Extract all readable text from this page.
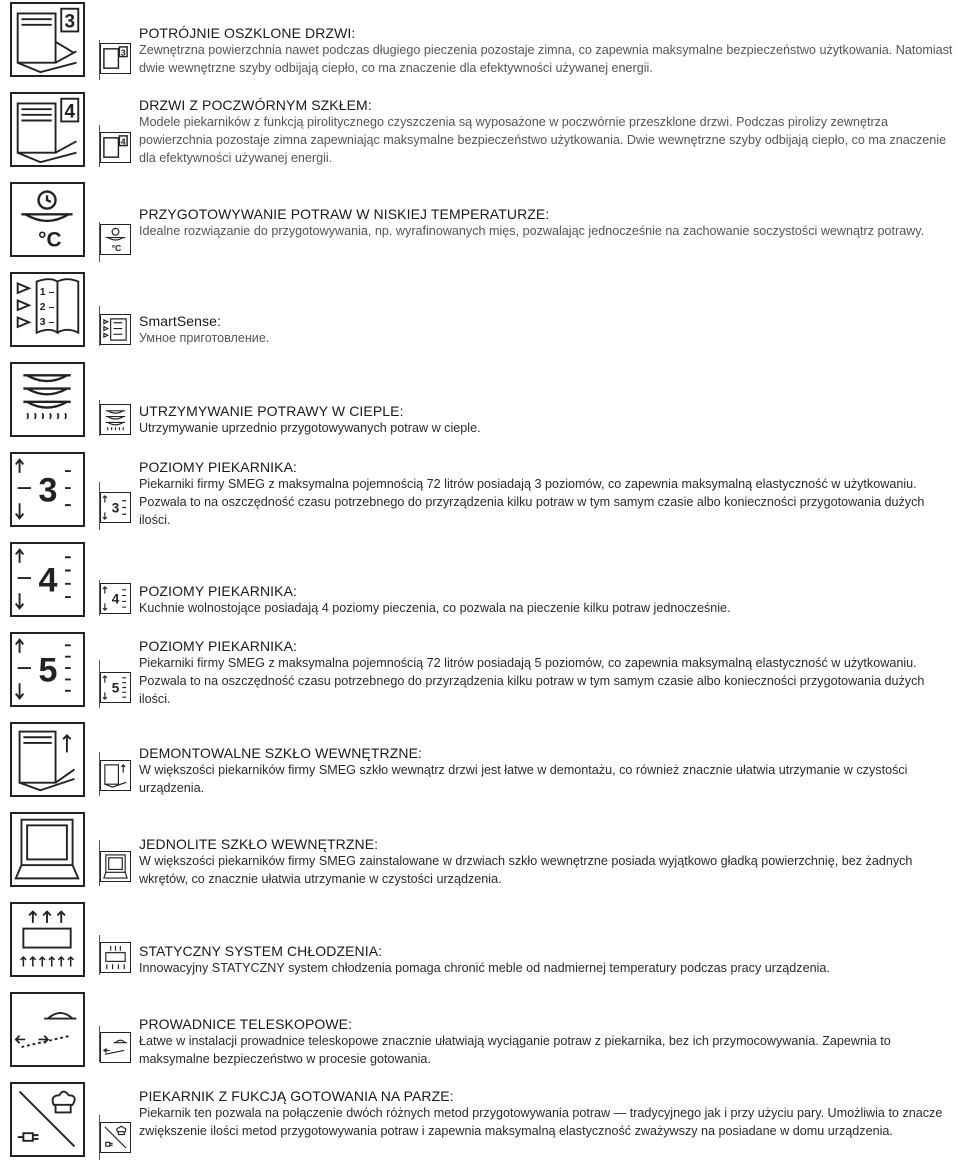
3
3
POTRÓJNIE OSZKLONE DRZWI:
Zewnętrzna powierzchnia nawet podczas długiego pieczenia pozostaje zimna, co zapewnia maksymalne bezpieczeństwo użytkowania. Natomiast dwie wewnętrzne szyby odbijają ciepło, co ma znaczenie dla efektywności używanej energii.
4
4
DRZWI Z POCZWÓRNYM SZKŁEM:
Modele piekarników z funkcją pirolitycznego czyszczenia są wyposażone w poczwórnie przeszklone drzwi. Podczas pirolizy zewnętrza powierzchnia pozostaje zimna zapewniając maksymalne bezpieczeństwo użytkowania. Dwie wewnętrzne szyby odbijają ciepło, co ma znaczenie dla efektywności używanej energii.
°C	°C
PRZYGOTOWYWANIE POTRAW W NISKIEJ TEMPERATURZE:
Idealne rozwiązanie do przygotowywania, np. wyrafinowanych mięs, pozwalając jednocześnie na zachowanie soczystości wewnątrz potrawy.
1 –
2 –
3 –	SmartSense:
Умное приготовление.
UTRZYMYWANIE POTRAWY W CIEPLE:
Utrzymywanie uprzednio przygotowywanych potraw w cieple.
3	3
POZIOMY PIEKARNIKA:
Piekarniki firmy SMEG z maksymalna pojemnością 72 litrów posiadają 3 poziomów, co zapewnia maksymalną elastyczność w użytkowaniu. Pozwala to na oszczędność czasu potrzebnego do przyrządzenia kilku potraw w tym samym czasie albo konieczności przygotowania dużych ilości.
4	4 POZIOMY PIEKARNIKA:
Kuchnie wolnostojące posiadają 4 poziomy pieczenia, co pozwala na pieczenie kilku potraw jednocześnie.
5	5
POZIOMY PIEKARNIKA:
Piekarniki firmy SMEG z maksymalna pojemnością 72 litrów posiadają 5 poziomów, co zapewnia maksymalną elastyczność w użytkowaniu. Pozwala to na oszczędność czasu potrzebnego do przyrządzenia kilku potraw w tym samym czasie albo konieczności przygotowania dużych ilości.
DEMONTOWALNE SZKŁO WEWNĘTRZNE:
W większości piekarników firmy SMEG szkło wewnątrz drzwi jest łatwe w demontażu, co również znacznie ułatwia utrzymanie w czystości urządzenia.
JEDNOLITE SZKŁO WEWNĘTRZNE:
W większości piekarników firmy SMEG zainstalowane w drzwiach szkło wewnętrzne posiada wyjątkowo gładką powierzchnię, bez żadnych wkrętów, co znacznie ułatwia utrzymanie w czystości urządzenia.
STATYCZNY SYSTEM CHŁODZENIA:
Innowacyjny STATYCZNY system chłodzenia pomaga chronić meble od nadmiernej temperatury podczas pracy urządzenia.
PROWADNICE TELESKOPOWE:
Łatwe w instalacji prowadnice teleskopowe znacznie ułatwiają wyciąganie potraw z piekarnika, bez ich przymocowywania. Zapewnia to maksymalne bezpieczeństwo w procesie gotowania.
PIEKARNIK Z FUKCJĄ GOTOWANIA NA PARZE:
Piekarnik ten pozwala na połączenie dwóch różnych metod przygotowywania potraw — tradycyjnego jak i przy użyciu pary. Umożliwia to znacze zwiększenie ilości metod przygotowywania potraw i zapewnia maksymalną elastyczność zważywszy na posiadane w domu urządzenia.
